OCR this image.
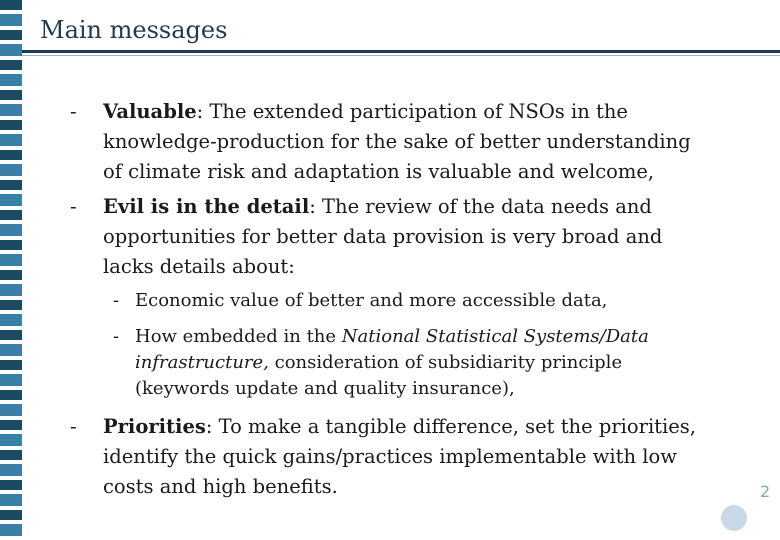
Main messages
- Valuable: The extended participation of NSOs in the
knowledge-production for the sake of better understanding
of climate risk and adaptation is valuable and welcome,
- Evil is in the detail: The review of the data needs and
opportunities for better data provision is very broad and
lacks details about:
- Economic value of better and more accessible data,
- How embedded in the National Statistical Systems/Data
infrastructure, consideration of subsidiarity principle
(keywords update and quality insurance),
- Priorities: To make a tangible difference, set the priorities,
identify the quick gains/practices implementable with low
costs and high benefits.	2
